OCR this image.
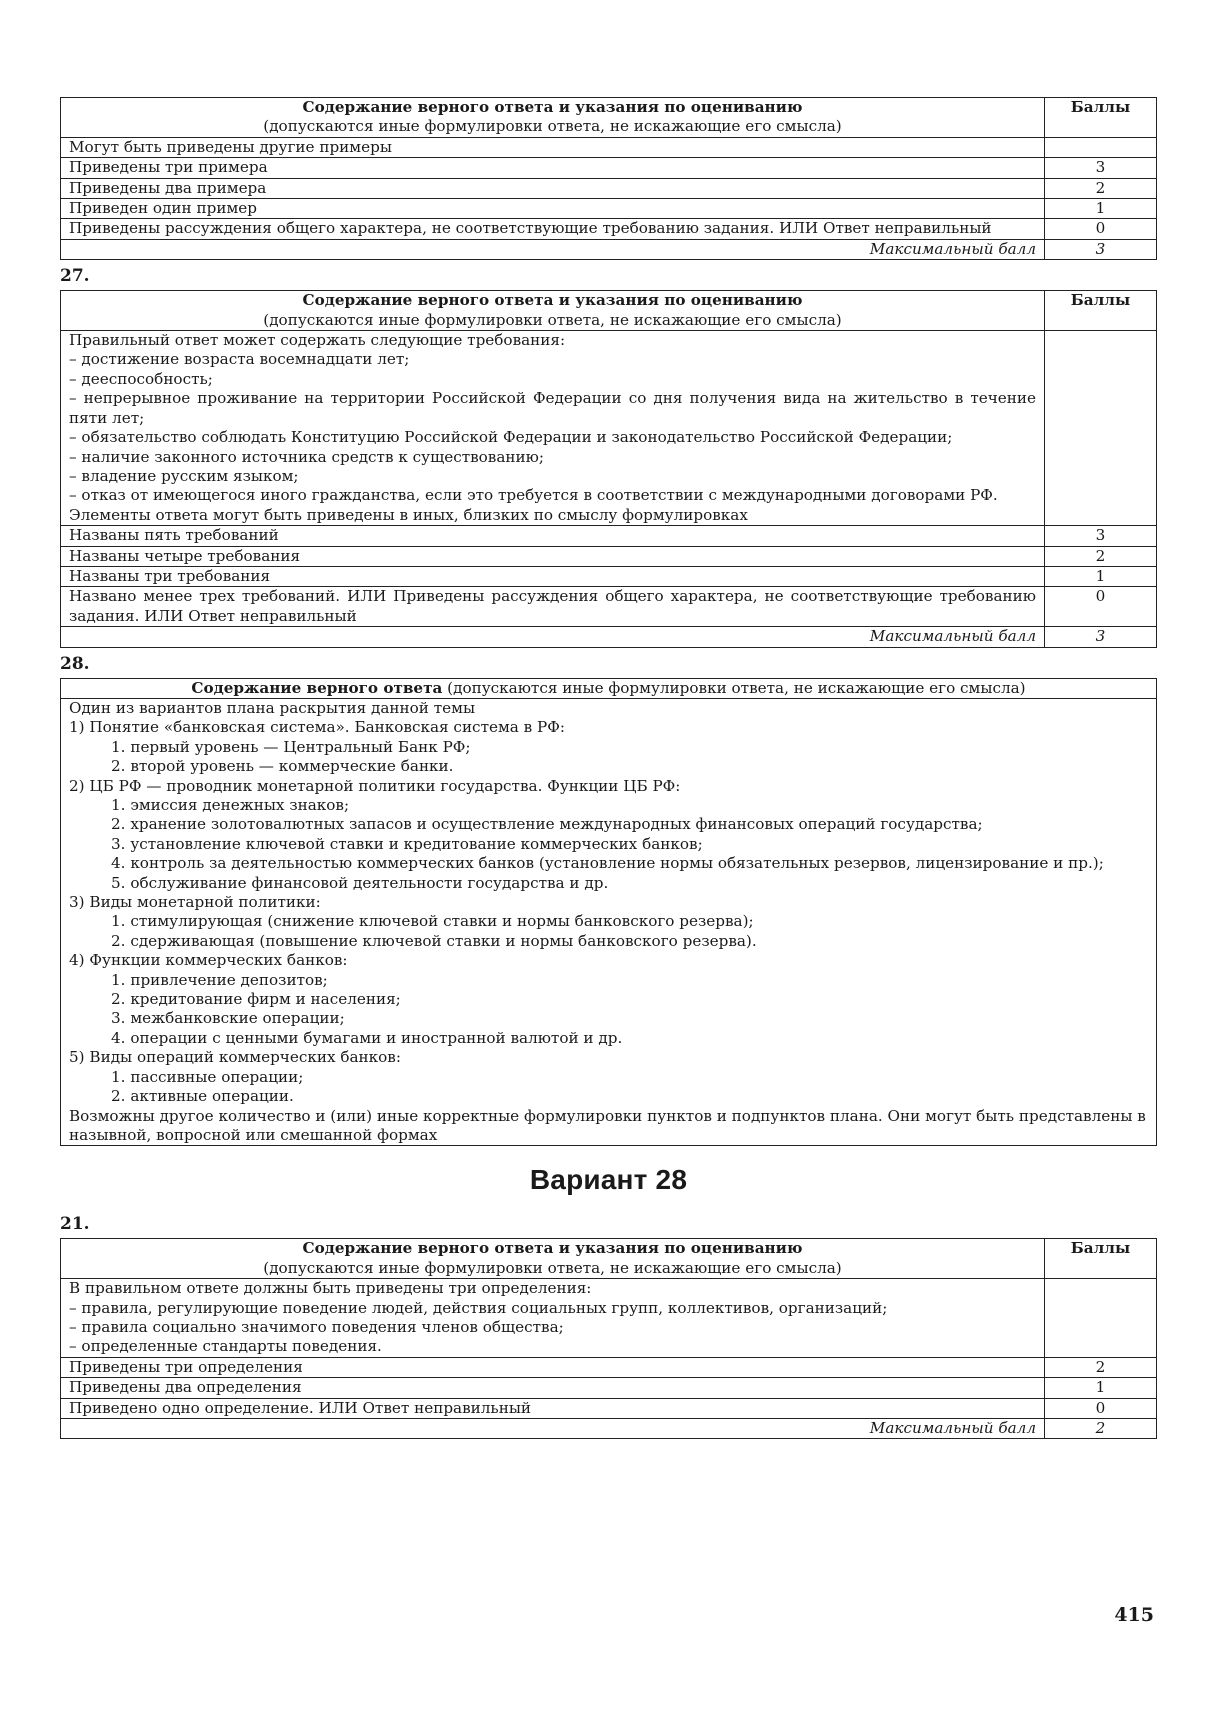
Содержание верного ответа и указания по оцениванию
(допускаются иные формулировки ответа, не искажающие его смысла)	Баллы
Могут быть приведены другие примеры	
Приведены три примера	3
Приведены два примера	2
Приведен один пример	1
Приведены рассуждения общего характера, не соответствующие требованию задания. ИЛИ Ответ неправильный	0
Максимальный балл	3
27.
Содержание верного ответа и указания по оцениванию
(допускаются иные формулировки ответа, не искажающие его смысла)	Баллы

Правильный ответ может содержать следующие требования:
– достижение возраста восемнадцати лет;
– дееспособность;
– непрерывное проживание на территории Российской Федерации со дня получения вида на жительство в течение пяти лет;
– обязательство соблюдать Конституцию Российской Федерации и законодательство Российской Федерации;
– наличие законного источника средств к существованию;
– владение русским языком;
– отказ от имеющегося иного гражданства, если это требуется в соответствии с международными договорами РФ.
Элементы ответа могут быть приведены в иных, близких по смыслу формулировках

Названы пять требований	3
Названы четыре требования	2
Названы три требования	1
Названо менее трех требований. ИЛИ Приведены рассуждения общего характера, не соответствующие требованию задания. ИЛИ Ответ неправильный	0
Максимальный балл	3
28.
Содержание верного ответа (допускаются иные формулировки ответа, не искажающие его смысла)

Один из вариантов плана раскрытия данной темы
1) Понятие «банковская система». Банковская система в РФ:
1. первый уровень — Центральный Банк РФ;
2. второй уровень — коммерческие банки.
2) ЦБ РФ — проводник монетарной политики государства. Функции ЦБ РФ:
1. эмиссия денежных знаков;
2. хранение золотовалютных запасов и осуществление международных финансовых операций государства;
3. установление ключевой ставки и кредитование коммерческих банков;
4. контроль за деятельностью коммерческих банков (установление нормы обязательных резервов, лицензирование и пр.);
5. обслуживание финансовой деятельности государства и др.
3) Виды монетарной политики:
1. стимулирующая (снижение ключевой ставки и нормы банковского резерва);
2. сдерживающая (повышение ключевой ставки и нормы банковского резерва).
4) Функции коммерческих банков:
1. привлечение депозитов;
2. кредитование фирм и населения;
3. межбанковские операции;
4. операции с ценными бумагами и иностранной валютой и др.
5) Виды операций коммерческих банков:
1. пассивные операции;
2. активные операции.
Возможны другое количество и (или) иные корректные формулировки пунктов и подпунктов плана. Они могут быть представлены в назывной, вопросной или смешанной формах
Вариант 28
21.
Содержание верного ответа и указания по оцениванию
(допускаются иные формулировки ответа, не искажающие его смысла)	Баллы

В правильном ответе должны быть приведены три определения:
– правила, регулирующие поведение людей, действия социальных групп, коллективов, организаций;
– правила социально значимого поведения членов общества;
– определенные стандарты поведения.	

Приведены три определения	2
Приведены два определения	1
Приведено одно определение. ИЛИ Ответ неправильный	0
Максимальный балл	2
415
